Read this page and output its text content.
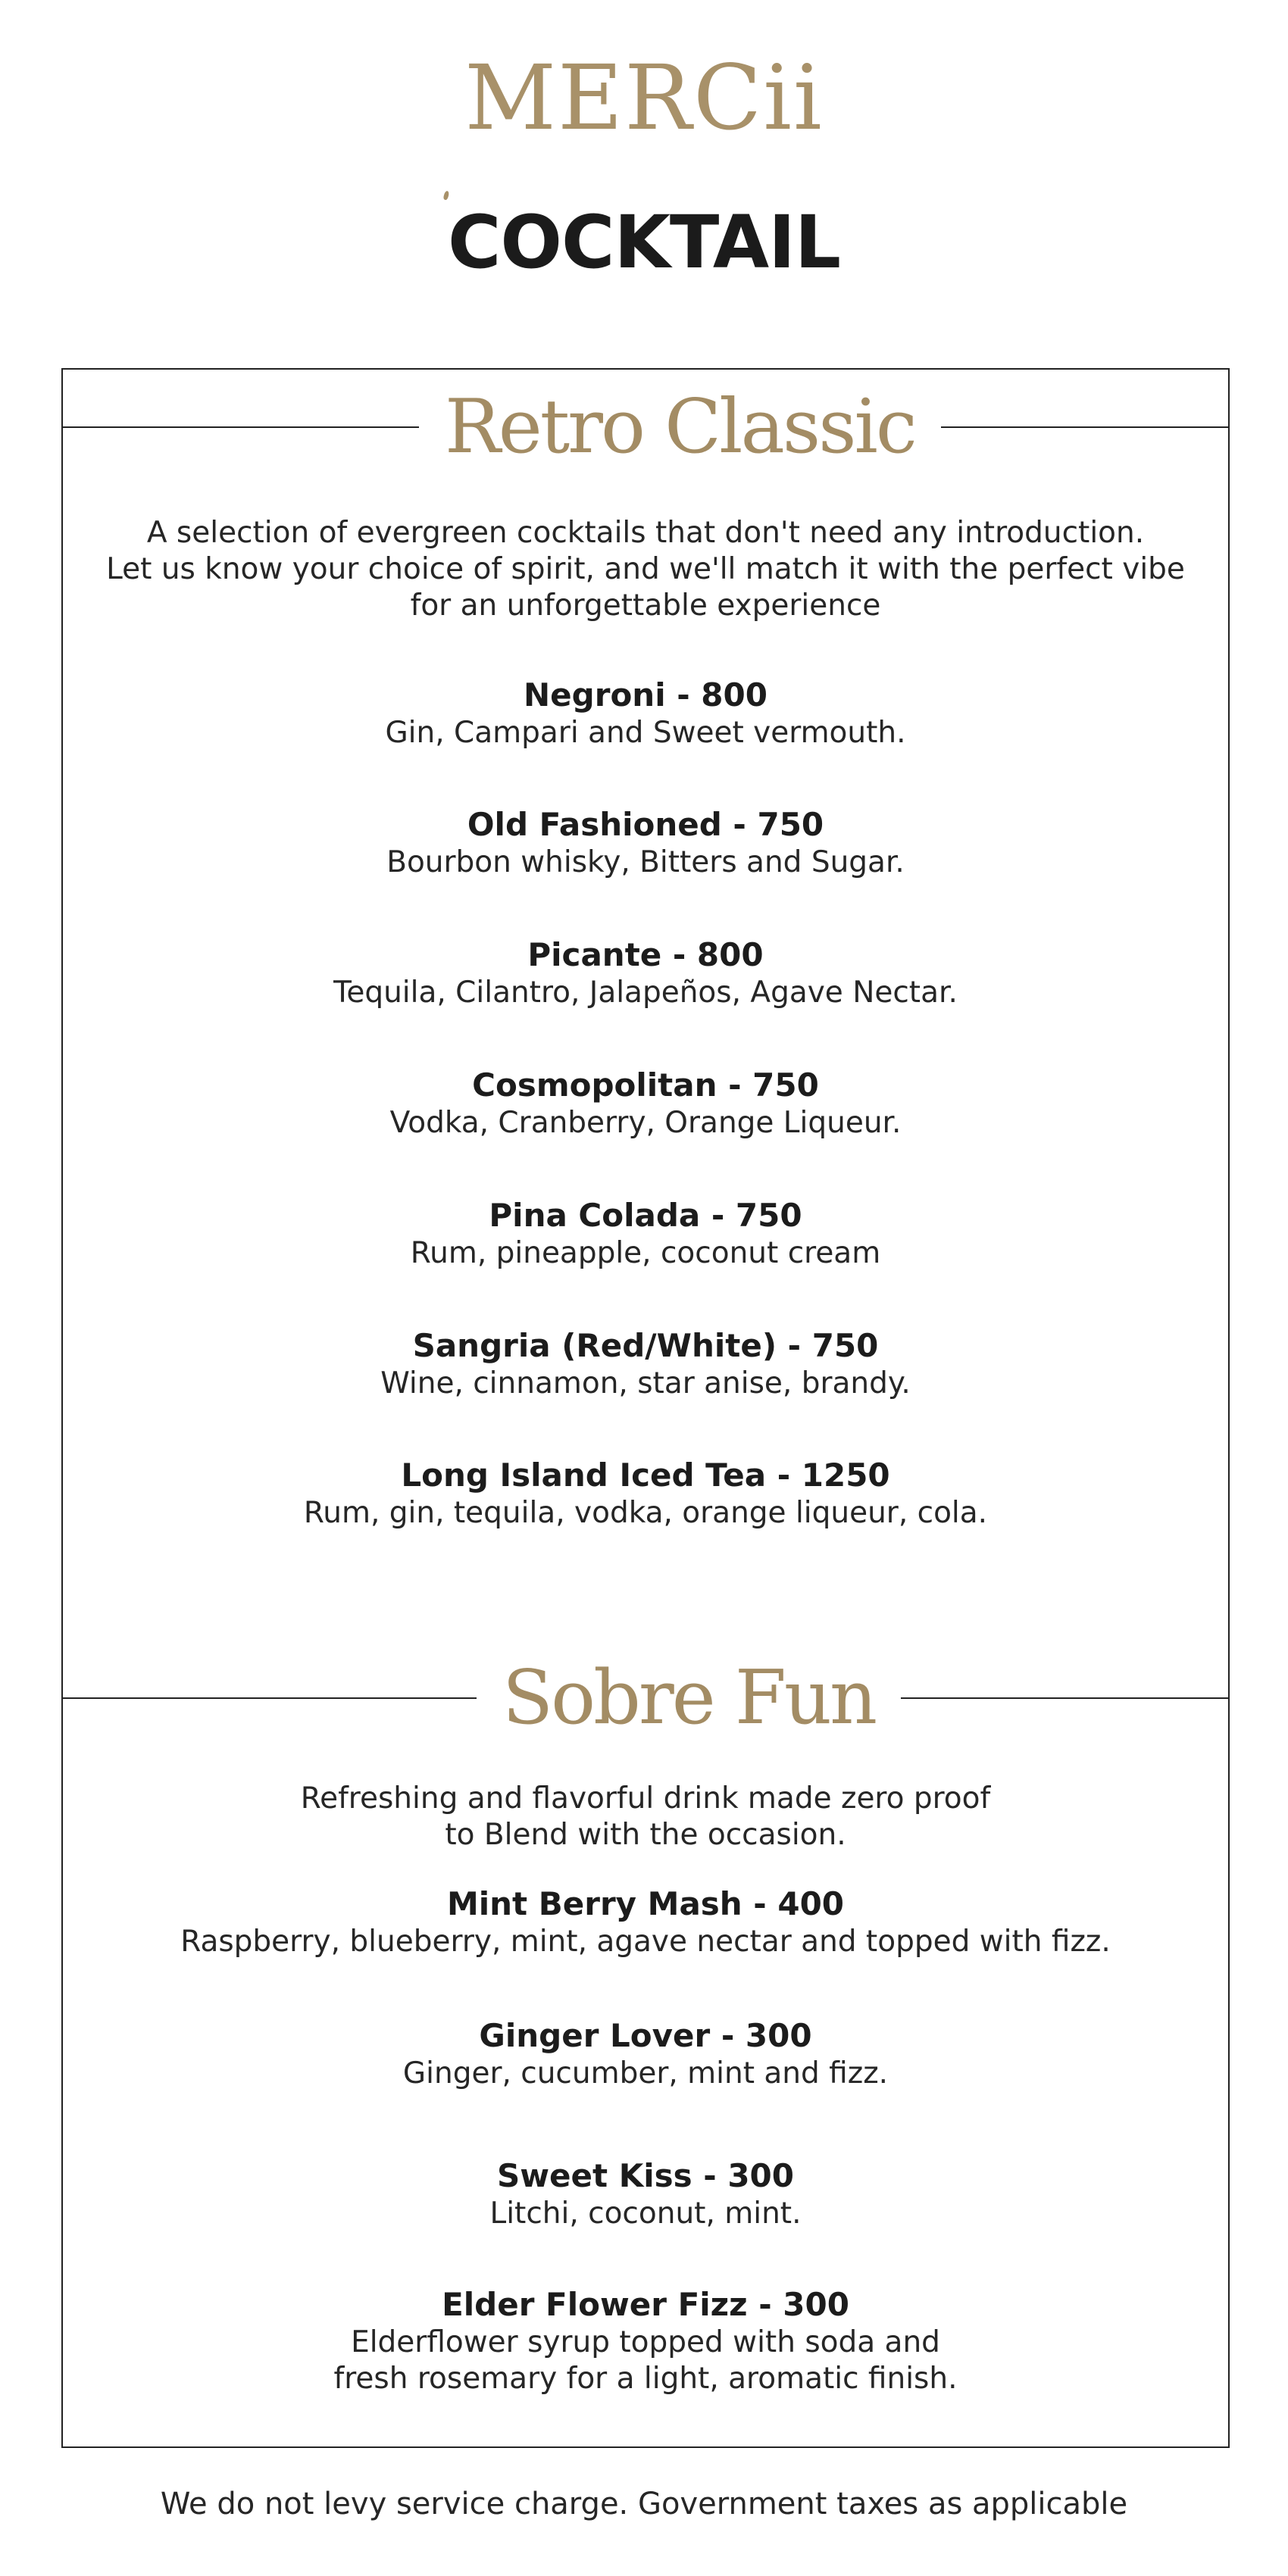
MERCii
COCKTAIL
Retro Classic
A selection of evergreen cocktails that don't need any introduction.
Let us know your choice of spirit, and we'll match it with the perfect vibe
for an unforgettable experience
Negroni - 800
Gin, Campari and Sweet vermouth.
Old Fashioned - 750
Bourbon whisky, Bitters and Sugar.
Picante - 800
Tequila, Cilantro, Jalapeños, Agave Nectar.
Cosmopolitan - 750
Vodka, Cranberry, Orange Liqueur.
Pina Colada - 750
Rum, pineapple, coconut cream
Sangria (Red/White) - 750
Wine, cinnamon, star anise, brandy.
Long Island Iced Tea - 1250
Rum, gin, tequila, vodka, orange liqueur, cola.
Sobre Fun
Refreshing and flavorful drink made zero proof
to Blend with the occasion.
Mint Berry Mash - 400
Raspberry, blueberry, mint, agave nectar and topped with fizz.
Ginger Lover - 300
Ginger, cucumber, mint and fizz.
Sweet Kiss - 300
Litchi, coconut, mint.
Elder Flower Fizz - 300
Elderflower syrup topped with soda and
fresh rosemary for a light, aromatic finish.
We do not levy service charge. Government taxes as applicable
